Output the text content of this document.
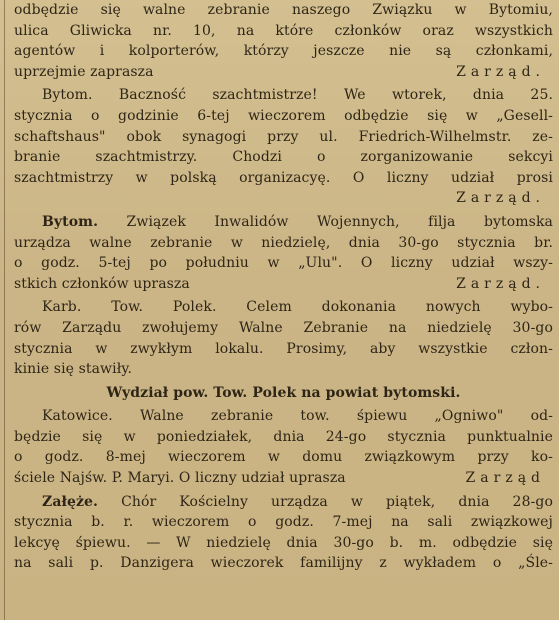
odbędzie się walne zebranie naszego Związku w Bytomiu,
ulica Gliwicka nr. 10, na które członków oraz wszystkich
agentów i kolporterów, którzy jeszcze nie są członkami,
uprzejmie zaprasza	Zarząd.
Bytom. Baczność szachtmistrze! We wtorek, dnia 25.
stycznia o godzinie 6-tej wieczorem odbędzie się w „Gesell-
schaftshaus" obok synagogi przy ul. Friedrich-Wilhelmstr. ze-
branie szachtmistrzy. Chodzi o zorganizowanie sekcyi
szachtmistrzy w polską organizacyę. O liczny udział prosi
Zarząd.
Bytom. Związek Inwalidów Wojennych, filja bytomska
urządza walne zebranie w niedzielę, dnia 30-go stycznia br.
o godz. 5-tej po południu w „Ulu". O liczny udział wszy-
stkich członków uprasza	Zarząd.
Karb. Tow. Polek. Celem dokonania nowych wybo-
rów Zarządu zwołujemy Walne Zebranie na niedzielę 30-go
stycznia w zwykłym lokalu. Prosimy, aby wszystkie człon-
kinie się stawiły.
Wydział pow. Tow. Polek na powiat bytomski.
Katowice. Walne zebranie tow. śpiewu „Ogniwo" od-
będzie się w poniedziałek, dnia 24-go stycznia punktualnie
o godz. 8-mej wieczorem w domu związkowym przy ko-
ściele Najśw. P. Maryi. O liczny udział uprasza	Zarząd
Załęże. Chór Kościelny urządza w piątek, dnia 28-go
stycznia b. r. wieczorem o godz. 7-mej na sali związkowej
lekcyę śpiewu. — W niedzielę dnia 30-go b. m. odbędzie się
na sali p. Danzigera wieczorek familijny z wykładem o „Śle-
